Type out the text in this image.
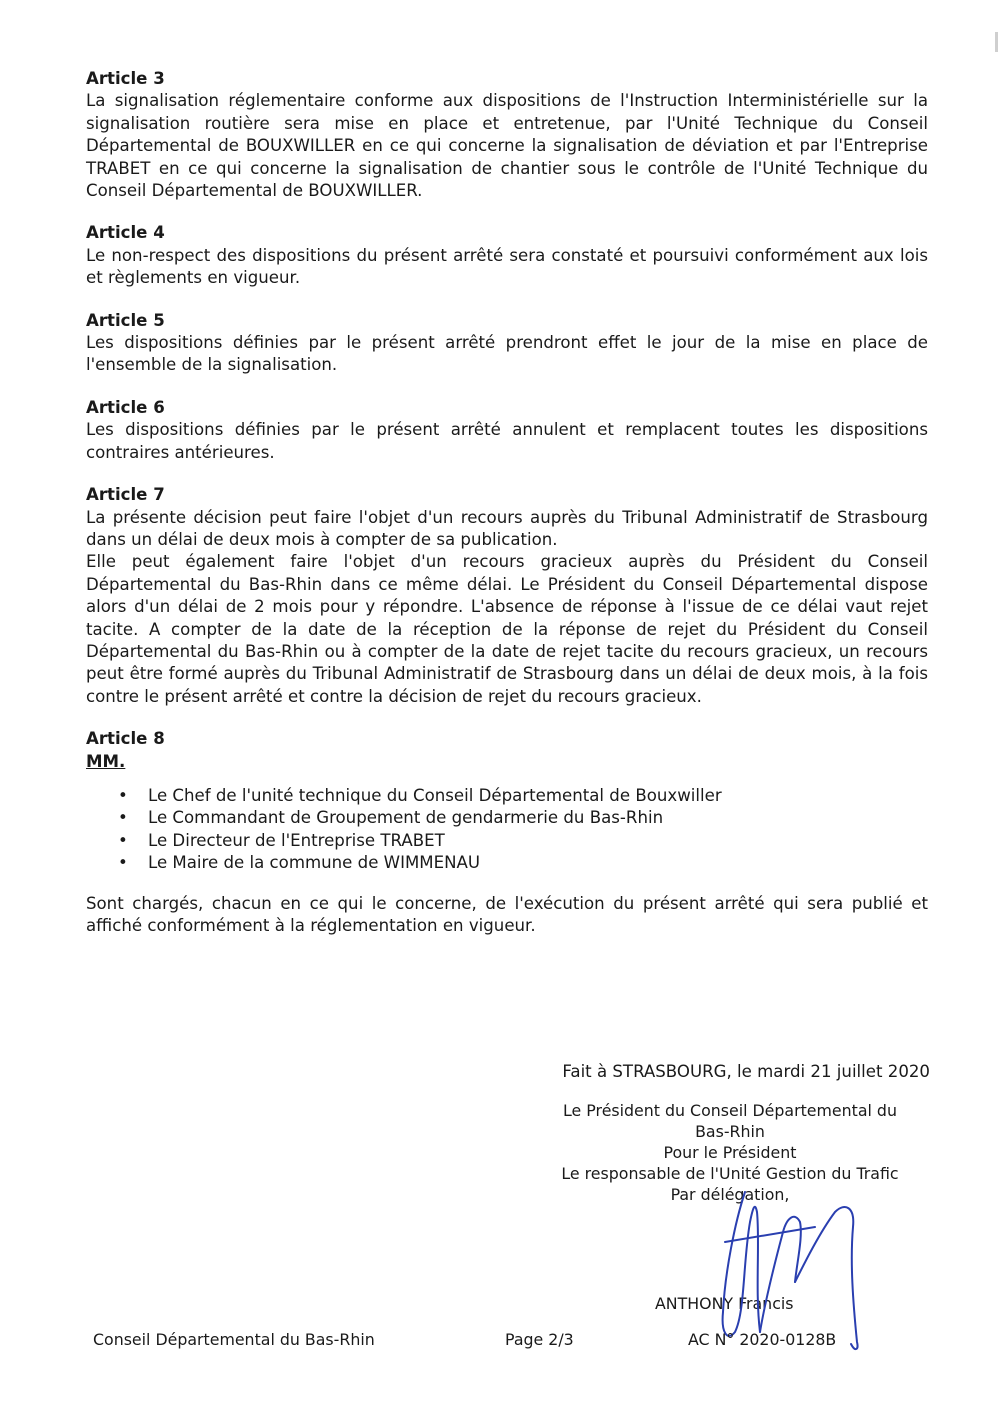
Article 3

La signalisation réglementaire conforme aux dispositions de l'Instruction Interministérielle sur la signalisation routière sera mise en place et entretenue, par l'Unité Technique du Conseil Départemental de BOUXWILLER en ce qui concerne la signalisation de déviation et par l'Entreprise TRABET en ce qui concerne la signalisation de chantier sous le contrôle de l'Unité Technique du Conseil Départemental de BOUXWILLER.

Article 4

Le non-respect des dispositions du présent arrêté sera constaté et poursuivi conformément aux lois et règlements en vigueur.

Article 5

Les dispositions définies par le présent arrêté prendront effet le jour de la mise en place de l'ensemble de la signalisation.

Article 6

Les dispositions définies par le présent arrêté annulent et remplacent toutes les dispositions contraires antérieures.

Article 7

La présente décision peut faire l'objet d'un recours auprès du Tribunal Administratif de Strasbourg dans un délai de deux mois à compter de sa publication.

Elle peut également faire l'objet d'un recours gracieux auprès du Président du Conseil Départemental du Bas-Rhin dans ce même délai. Le Président du Conseil Départemental dispose alors d'un délai de 2 mois pour y répondre. L'absence de réponse à l'issue de ce délai vaut rejet tacite. A compter de la date de la réception de la réponse de rejet du Président du Conseil Départemental du Bas-Rhin ou à compter de la date de rejet tacite du recours gracieux, un recours peut être formé auprès du Tribunal Administratif de Strasbourg dans un délai de deux mois, à la fois contre le présent arrêté et contre la décision de rejet du recours gracieux.

Article 8
MM.
• Le Chef de l'unité technique du Conseil Départemental de Bouxwiller
• Le Commandant de Groupement de gendarmerie du Bas-Rhin
• Le Directeur de l'Entreprise TRABET
• Le Maire de la commune de WIMMENAU

Sont chargés, chacun en ce qui le concerne, de l'exécution du présent arrêté qui sera publié et affiché conformément à la réglementation en vigueur.

Fait à STRASBOURG, le mardi 21 juillet 2020
Le Président du Conseil Départemental du
Bas-Rhin
Pour le Président
Le responsable de l'Unité Gestion du Trafic
Par délégation,
ANTHONY Francis
Conseil Départemental du Bas-Rhin	Page 2/3	AC N° 2020-0128B
